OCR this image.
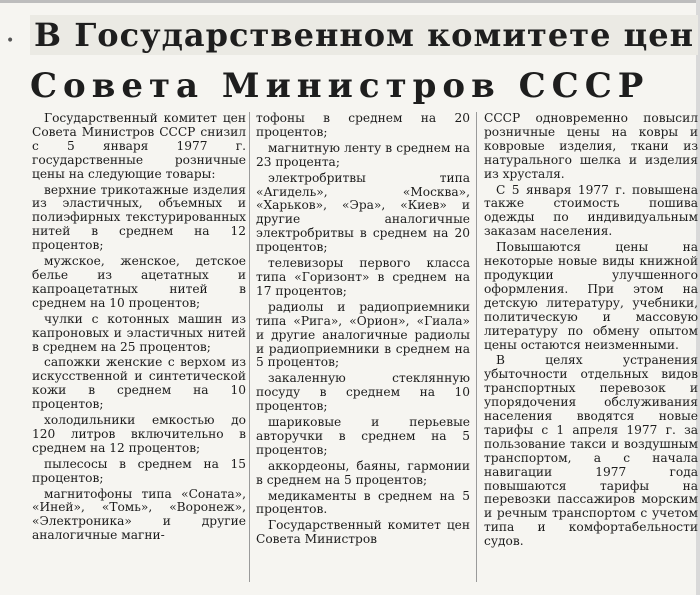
• В Государственном комитете цен
Совета Министров СССР

Государственный комитет цен Совета Министров СССР снизил с 5 января 1977 г. государственные розничные цены на следующие товары:

верхние трикотажные изделия из эластичных, объемных и полиэфирных текстурированных нитей в среднем на 12 процентов;

мужское, женское, детское белье из ацетатных и капроацетатных нитей в среднем на 10 процентов;

чулки с котонных машин из капроновых и эластичных нитей в среднем на 25 процентов;

сапожки женские с верхом из искусственной и синтетической кожи в среднем на 10 процентов;

холодильники емкостью до 120 литров включительно в среднем на 12 процентов;

пылесосы в среднем на 15 процентов;

магнитофоны типа «Соната», «Иней», «Томь», «Воронеж», «Электроника» и другие аналогичные магни-

тофоны в среднем на 20 процентов;

магнитную ленту в среднем на 23 процента;

электробритвы типа «Агидель», «Москва», «Харьков», «Эра», «Киев» и другие аналогичные электробритвы в среднем на 20 процентов;

телевизоры первого класса типа «Горизонт» в среднем на 17 процентов;

радиолы и радиоприемники типа «Рига», «Орион», «Гиала» и другие аналогичные радиолы и радиоприемники в среднем на 5 процентов;

закаленную стеклянную посуду в среднем на 10 процентов;

шариковые и перьевые авторучки в среднем на 5 процентов;

аккордеоны, баяны, гармонии в среднем на 5 процентов;

медикаменты в среднем на 5 процентов.

Государственный комитет цен Совета Министров

СССР одновременно повысил розничные цены на ковры и ковровые изделия, ткани из натурального шелка и изделия из хрусталя.

С 5 января 1977 г. повышена также стоимость пошива одежды по индивидуальным заказам населения.

Повышаются цены на некоторые новые виды книжной продукции улучшенного оформления. При этом на детскую литературу, учебники, политическую и массовую литературу по обмену опытом цены остаются неизменными.

В целях устранения убыточности отдельных видов транспортных перевозок и упорядочения обслуживания населения вводятся новые тарифы с 1 апреля 1977 г. за пользование такси и воздушным транспортом, а с начала навигации 1977 года повышаются тарифы на перевозки пассажиров морским и речным транспортом с учетом типа и комфортабельности судов.
